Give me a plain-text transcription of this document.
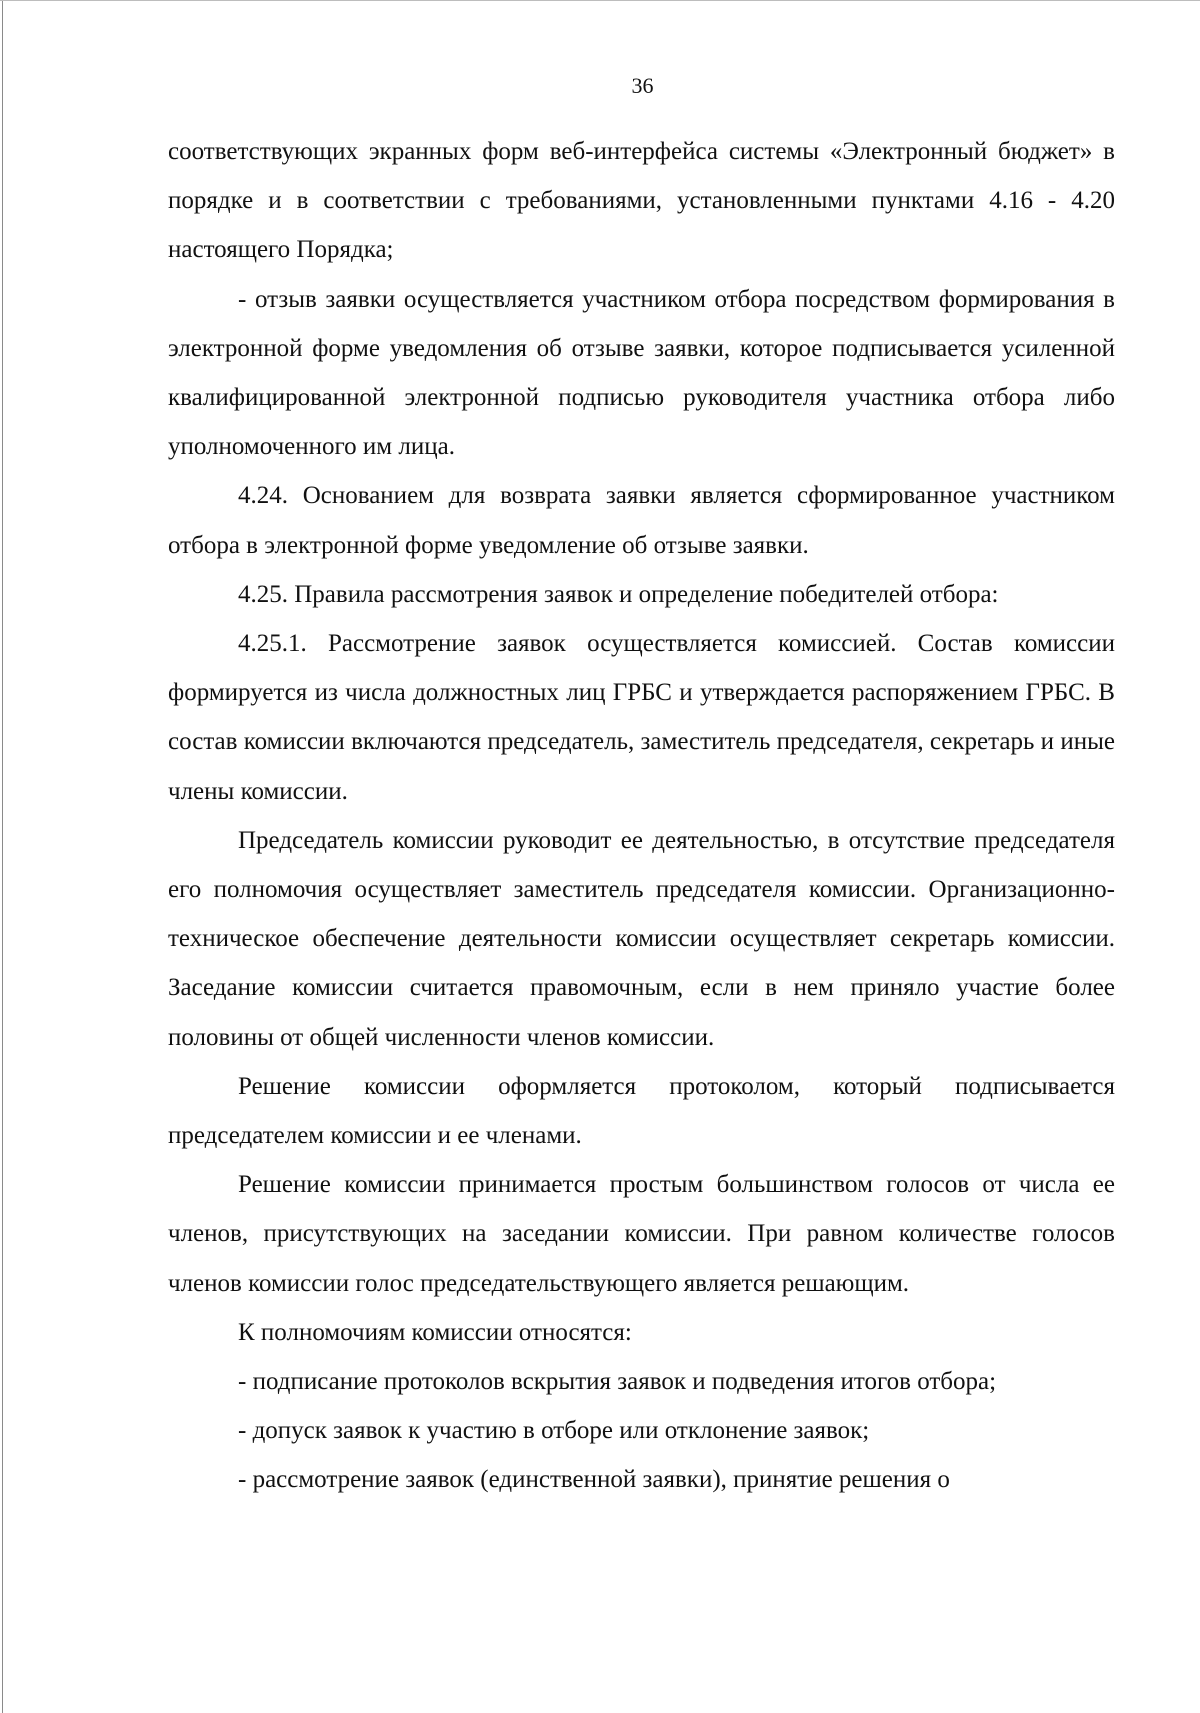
36

соответствующих экранных форм веб-интерфейса системы «Электронный бюджет» в порядке и в соответствии с требованиями, установленными пунктами 4.16 - 4.20 настоящего Порядка;

- отзыв заявки осуществляется участником отбора посредством формирования в электронной форме уведомления об отзыве заявки, которое подписывается усиленной квалифицированной электронной подписью руководителя участника отбора либо уполномоченного им лица.

4.24. Основанием для возврата заявки является сформированное участником отбора в электронной форме уведомление об отзыве заявки.

4.25. Правила рассмотрения заявок и определение победителей отбора:

4.25.1. Рассмотрение заявок осуществляется комиссией. Состав комиссии формируется из числа должностных лиц ГРБС и утверждается распоряжением ГРБС. В состав комиссии включаются председатель, заместитель председателя, секретарь и иные члены комиссии.

Председатель комиссии руководит ее деятельностью, в отсутствие председателя его полномочия осуществляет заместитель председателя комиссии. Организационно-техническое обеспечение деятельности комиссии осуществляет секретарь комиссии. Заседание комиссии считается правомочным, если в нем приняло участие более половины от общей численности членов комиссии.

Решение комиссии оформляется протоколом, который подписывается председателем комиссии и ее членами.

Решение комиссии принимается простым большинством голосов от числа ее членов, присутствующих на заседании комиссии. При равном количестве голосов членов комиссии голос председательствующего является решающим.

К полномочиям комиссии относятся:

- подписание протоколов вскрытия заявок и подведения итогов отбора;

- допуск заявок к участию в отборе или отклонение заявок;

- рассмотрение заявок (единственной заявки), принятие решения о
